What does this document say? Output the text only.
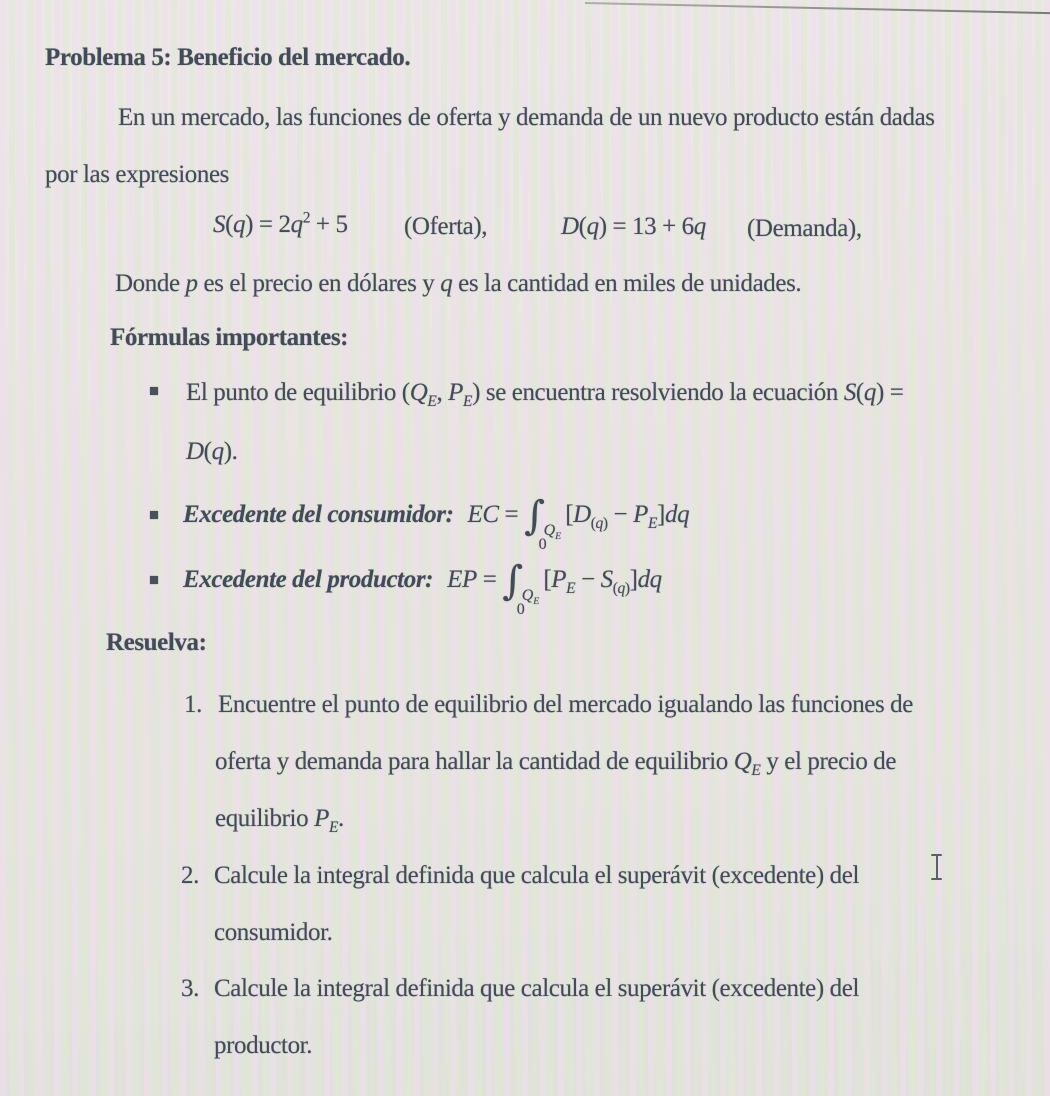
Problema 5: Beneficio del mercado.
En un mercado, las funciones de oferta y demanda de un nuevo producto están dadas
por las expresiones
$S(q) = 2q^2 + 5$ (Oferta),	D(q) = 13 + 6q (Demanda),
Donde p es el precio en dólares y q es la cantidad en miles de unidades.
Fórmulas importantes:
El punto de equilibrio ($Q_E$, $P_E$) se encuentra resolviendo la ecuación S(q) =
D(q).
Excedente del consumidor: EC = ∫ $Q_E$
0
$[D_{(q)} - P_E]dq$
Excedente del productor: EP = ∫ $Q_E$
0
$[P_E - S_{(q)}]dq$
Resuelva:
1. Encuentre el punto de equilibrio del mercado igualando las funciones de
oferta y demanda para hallar la cantidad de equilibrio $Q_E$ y el precio de
equilibrio $P_E$.
2. Calcule la integral definida que calcula el superávit (excedente) del
consumidor.
3. Calcule la integral definida que calcula el superávit (excedente) del
productor.
